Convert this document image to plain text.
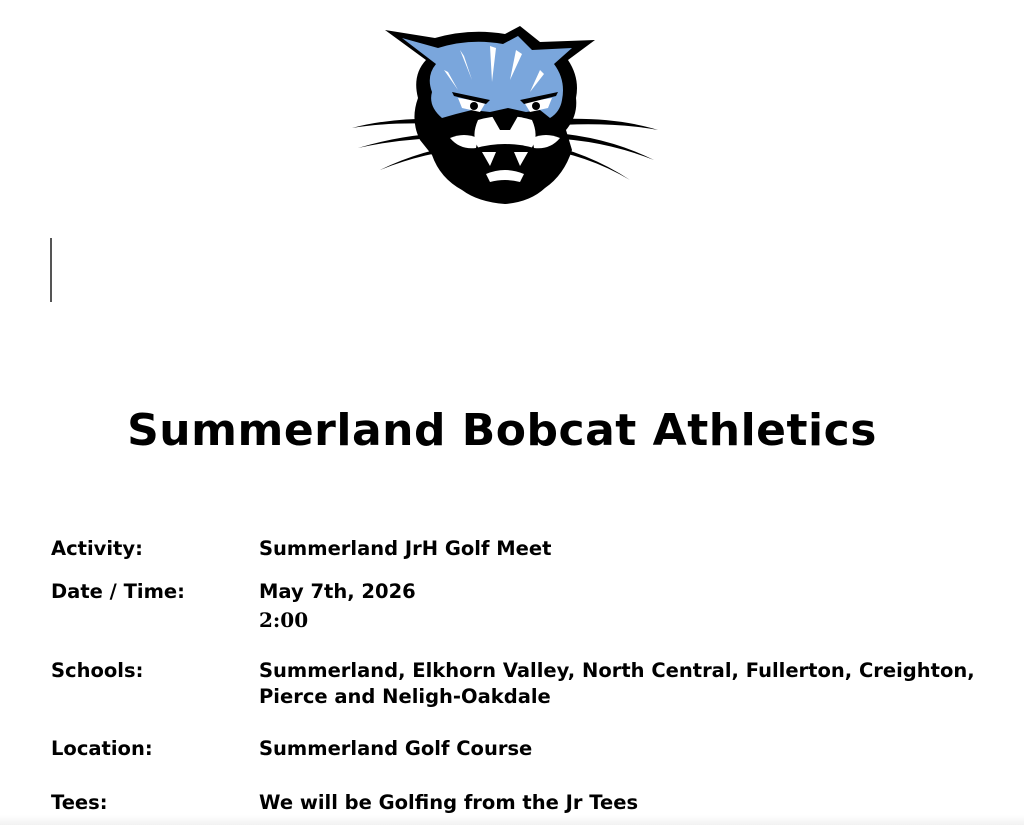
Summerland Bobcat Athletics
Activity:	Summerland JrH Golf Meet
Date / Time:	May 7th, 2026
2:00
Schools:	Summerland, Elkhorn Valley, North Central, Fullerton, Creighton,
Pierce and Neligh-Oakdale
Location:	Summerland Golf Course
Tees:	We will be Golfing from the Jr Tees
